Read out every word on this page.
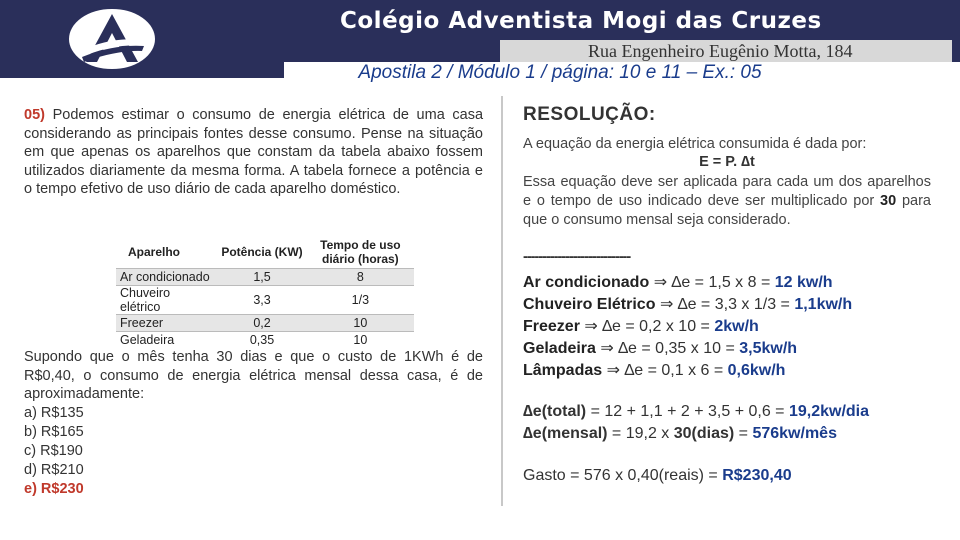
Colégio Adventista Mogi das Cruzes
Rua Engenheiro Eugênio Motta, 184
Apostila 2 / Módulo 1 / página: 10 e 11 – Ex.: 05
05) Podemos estimar o consumo de energia elétrica de uma casa considerando as principais fontes desse consumo. Pense na situação em que apenas os aparelhos que constam da tabela abaixo fossem utilizados diariamente da mesma forma. A tabela fornece a potência e o tempo efetivo de uso diário de cada aparelho doméstico.
Aparelho	Potência (KW)	Tempo de uso diário (horas)
Ar condicionado	1,5	8
Chuveiro elétrico	3,3	1/3
Freezer	0,2	10
Geladeira	0,35	10

Supondo que o mês tenha 30 dias e que o custo de 1KWh é de R$0,40, o consumo de energia elétrica mensal dessa casa, é de aproximadamente:
a) R$135
b) R$165
c) R$190
d) R$210
e) R$230
RESOLUÇÃO:
A equação da energia elétrica consumida é dada por:
E = P. ∆t
Essa equação deve ser aplicada para cada um dos aparelhos e o tempo de uso indicado deve ser multiplicado por 30 para que o consumo mensal seja considerado.
----------------------------
Ar condicionado ⇒ ∆e = 1,5 x 8 = 12 kw/h
Chuveiro Elétrico ⇒ ∆e = 3,3 x 1/3 = 1,1kw/h
Freezer ⇒ ∆e = 0,2 x 10 = 2kw/h
Geladeira ⇒ ∆e = 0,35 x 10 = 3,5kw/h
Lâmpadas ⇒ ∆e = 0,1 x 6 = 0,6kw/h
∆e(total) = 12 + 1,1 + 2 + 3,5 + 0,6 = 19,2kw/dia
∆e(mensal) = 19,2 x 30(dias) = 576kw/mês
Gasto = 576 x 0,40(reais) = R$230,40
